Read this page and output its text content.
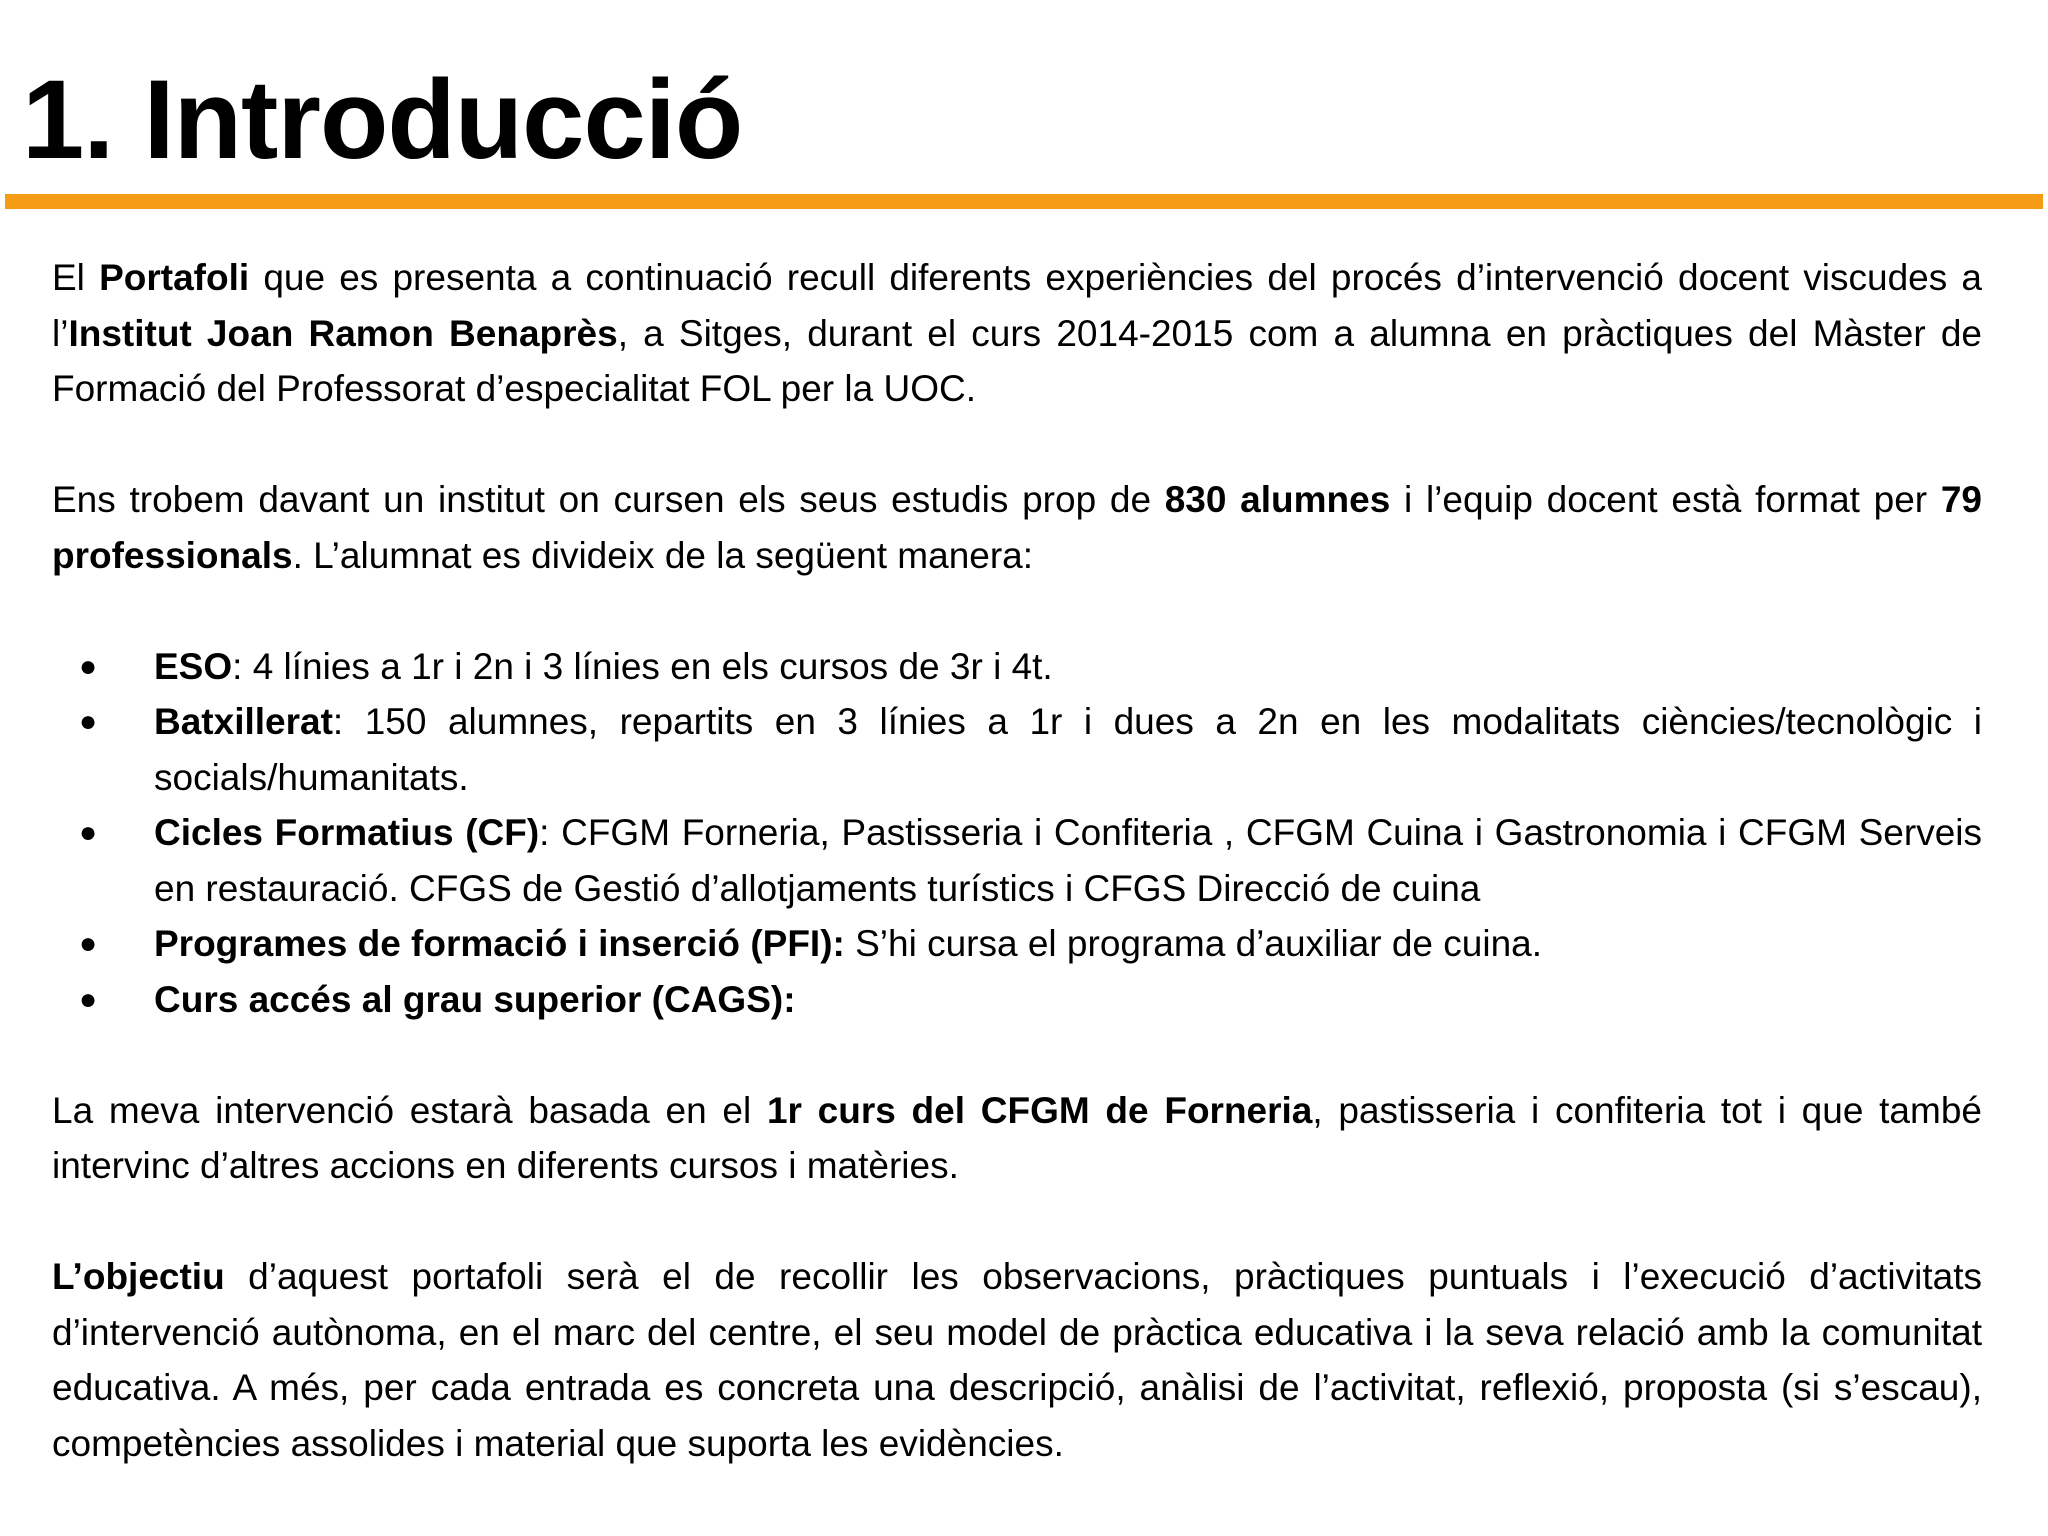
1. Introducció

El Portafoli que es presenta a continuació recull diferents experiències del procés d’intervenció docent viscudes a l’Institut Joan Ramon Benaprès, a Sitges, durant el curs 2014-2015 com a alumna en pràctiques del Màster de Formació del Professorat d’especialitat FOL per la UOC.

Ens trobem davant un institut on cursen els seus estudis prop de 830 alumnes i l’equip docent està format per 79 professionals. L’alumnat es divideix de la següent manera:

● ESO: 4 línies a 1r i 2n i 3 línies en els cursos de 3r i 4t.
● Batxillerat: 150 alumnes, repartits en 3 línies a 1r i dues a 2n en les modalitats ciències/tecnològic i socials/humanitats.
● Cicles Formatius (CF): CFGM Forneria, Pastisseria i Confiteria , CFGM Cuina i Gastronomia i CFGM Serveis en restauració. CFGS de Gestió d’allotjaments turístics i CFGS Direcció de cuina
● Programes de formació i inserció (PFI): S’hi cursa el programa d’auxiliar de cuina.
● Curs accés al grau superior (CAGS):

La meva intervenció estarà basada en el 1r curs del CFGM de Forneria, pastisseria i confiteria tot i que també intervinc d’altres accions en diferents cursos i matèries.

L’objectiu d’aquest portafoli serà el de recollir les observacions, pràctiques puntuals i l’execució d’activitats d’intervenció autònoma, en el marc del centre, el seu model de pràctica educativa i la seva relació amb la comunitat educativa. A més, per cada entrada es concreta una descripció, anàlisi de l’activitat, reflexió, proposta (si s’escau), competències assolides i material que suporta les evidències.
